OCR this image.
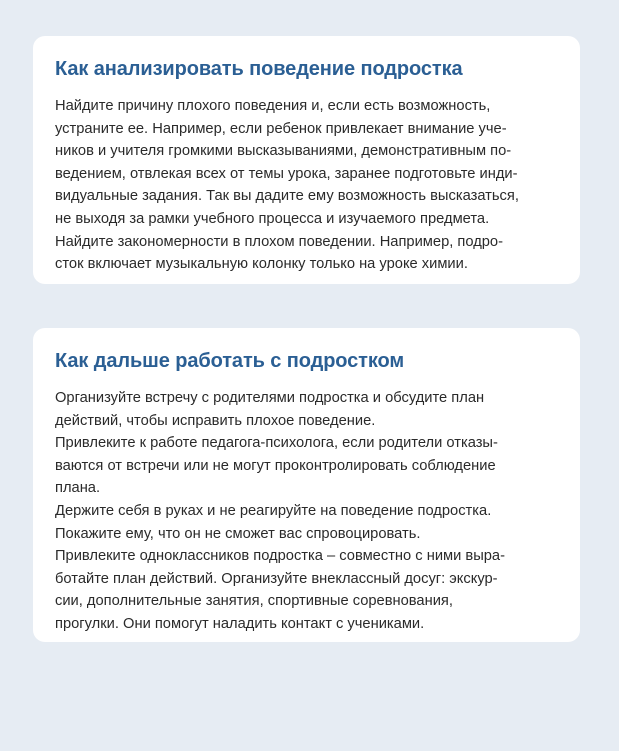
Как анализировать поведение подростка
Найдите причину плохого поведения и, если есть возможность,
устраните ее. Например, если ребенок привлекает внимание уче-
ников и учителя громкими высказываниями, демонстративным по-
ведением, отвлекая всех от темы урока, заранее подготовьте инди-
видуальные задания. Так вы дадите ему возможность высказаться,
не выходя за рамки учебного процесса и изучаемого предмета.
Найдите закономерности в плохом поведении. Например, подро-
сток включает музыкальную колонку только на уроке химии.
Как дальше работать с подростком
Организуйте встречу с родителями подростка и обсудите план
действий, чтобы исправить плохое поведение.
Привлеките к работе педагога-психолога, если родители отказы-
ваются от встречи или не могут проконтролировать соблюдение
плана.
Держите себя в руках и не реагируйте на поведение подростка.
Покажите ему, что он не сможет вас спровоцировать.
Привлеките одноклассников подростка – совместно с ними выра-
ботайте план действий. Организуйте внеклассный досуг: экскур-
сии, дополнительные занятия, спортивные соревнования,
прогулки. Они помогут наладить контакт с учениками.
